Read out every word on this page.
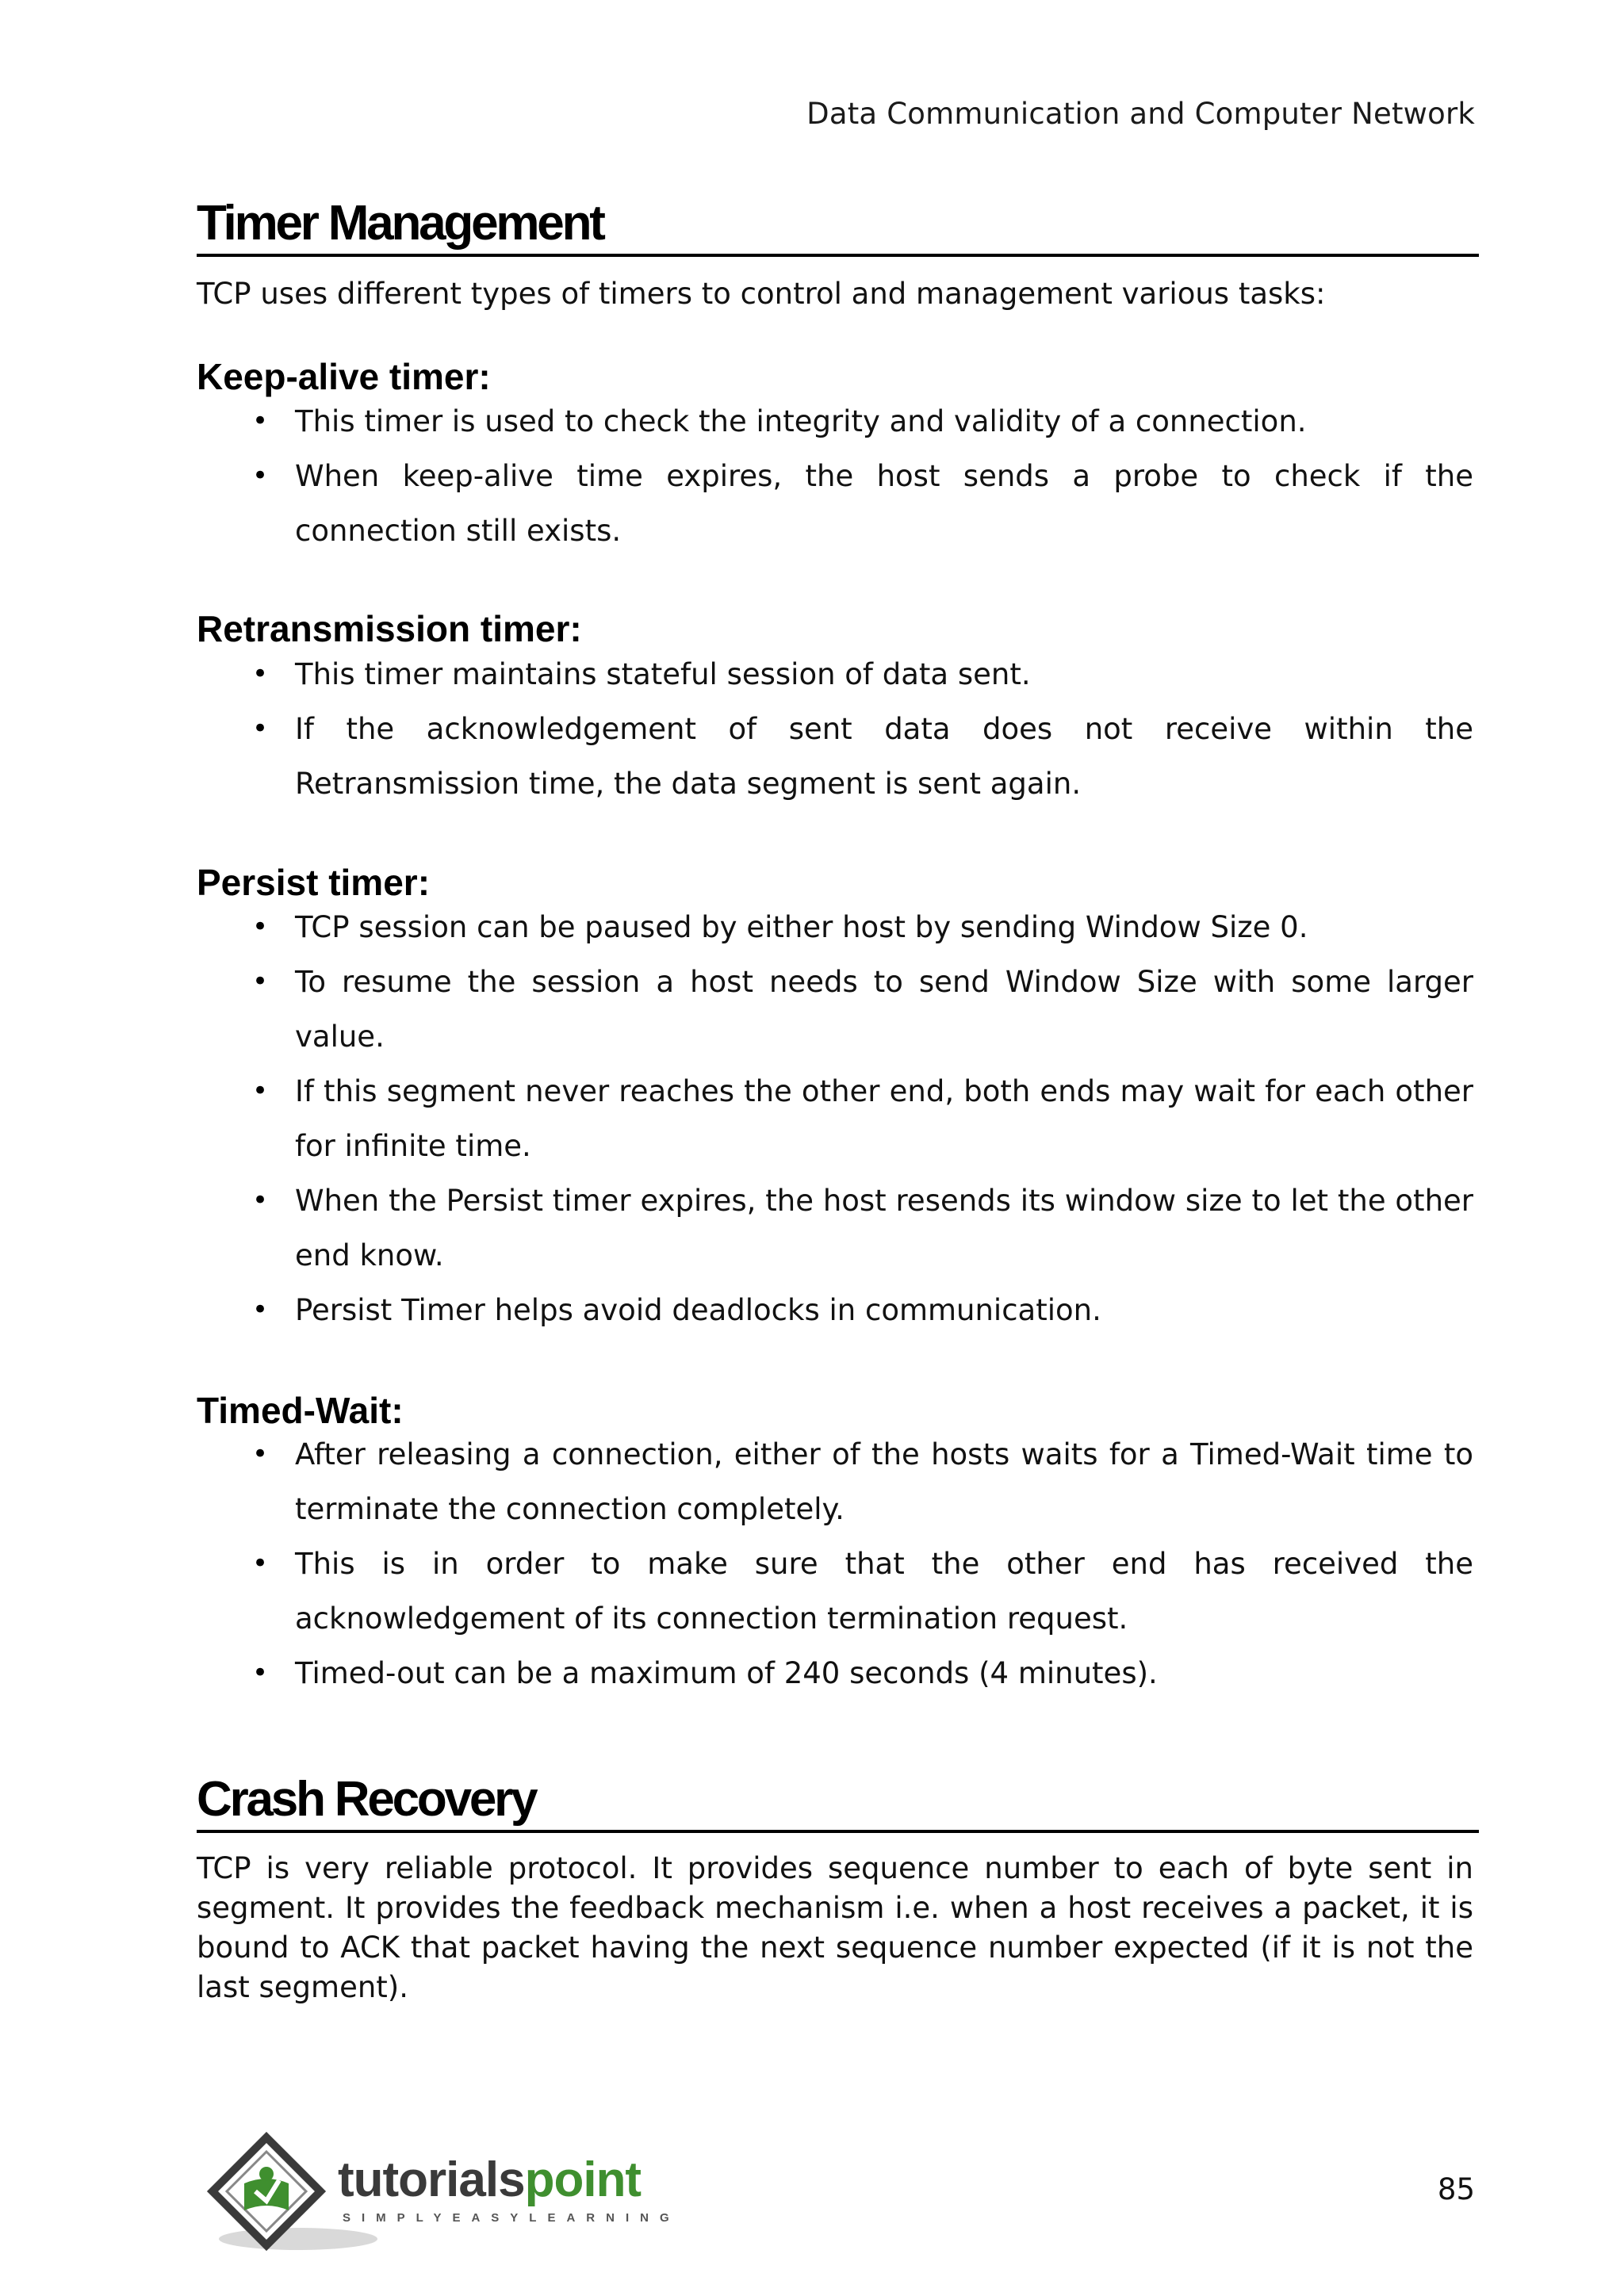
Data Communication and Computer Network
Timer Management
TCP uses different types of timers to control and management various tasks:
Keep-alive timer:
• This timer is used to check the integrity and validity of a connection.
• When keep-alive time expires, the host sends a probe to check if the connection still exists.
Retransmission timer:
• This timer maintains stateful session of data sent.
• If the acknowledgement of sent data does not receive within the Retransmission time, the data segment is sent again.
Persist timer:
• TCP session can be paused by either host by sending Window Size 0.
• To resume the session a host needs to send Window Size with some larger value.
• If this segment never reaches the other end, both ends may wait for each other for infinite time.
• When the Persist timer expires, the host resends its window size to let the other end know.
• Persist Timer helps avoid deadlocks in communication.
Timed-Wait:
• After releasing a connection, either of the hosts waits for a Timed-Wait time to terminate the connection completely.
• This is in order to make sure that the other end has received the acknowledgement of its connection termination request.
• Timed-out can be a maximum of 240 seconds (4 minutes).
Crash Recovery
TCP is very reliable protocol. It provides sequence number to each of byte sent in segment. It provides the feedback mechanism i.e. when a host receives a packet, it is bound to ACK that packet having the next sequence number expected (if it is not the last segment).
tutorialspoint
SIMPLYEASYLEARNING
85
